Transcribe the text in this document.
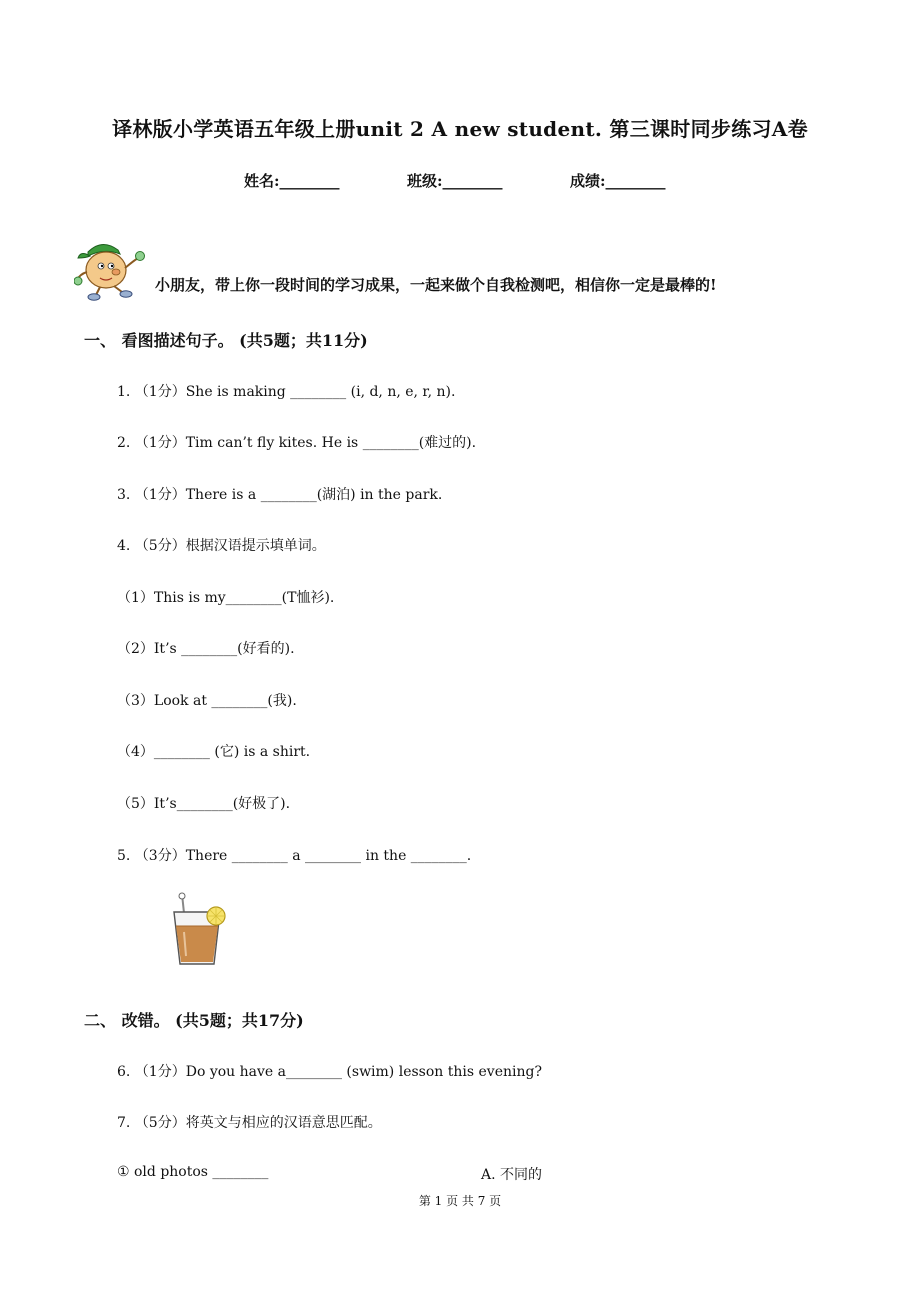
译林版小学英语五年级上册unit 2 A new student. 第三课时同步练习A卷
姓名:________	班级:________	成绩:________
小朋友，带上你一段时间的学习成果，一起来做个自我检测吧，相信你一定是最棒的!
一、 看图描述句子。 (共5题；共11分)
1. （1分）She is making ________ (i, d, n, e, r, n).
2. （1分）Tim can’t fly kites. He is ________(难过的).
3. （1分）There is a ________(湖泊) in the park.
4. （5分）根据汉语提示填单词。
（1）This is my________(T恤衫).
（2）It’s ________(好看的).
（3）Look at ________(我).
（4）________ (它) is a shirt.
（5）It’s________(好极了).
5. （3分）There ________ a ________ in the ________.
二、 改错。 (共5题；共17分)
6. （1分）Do you have a________ (swim) lesson this evening?
7. （5分）将英文与相应的汉语意思匹配。
① old photos ________	A. 不同的
第 1 页 共 7 页
